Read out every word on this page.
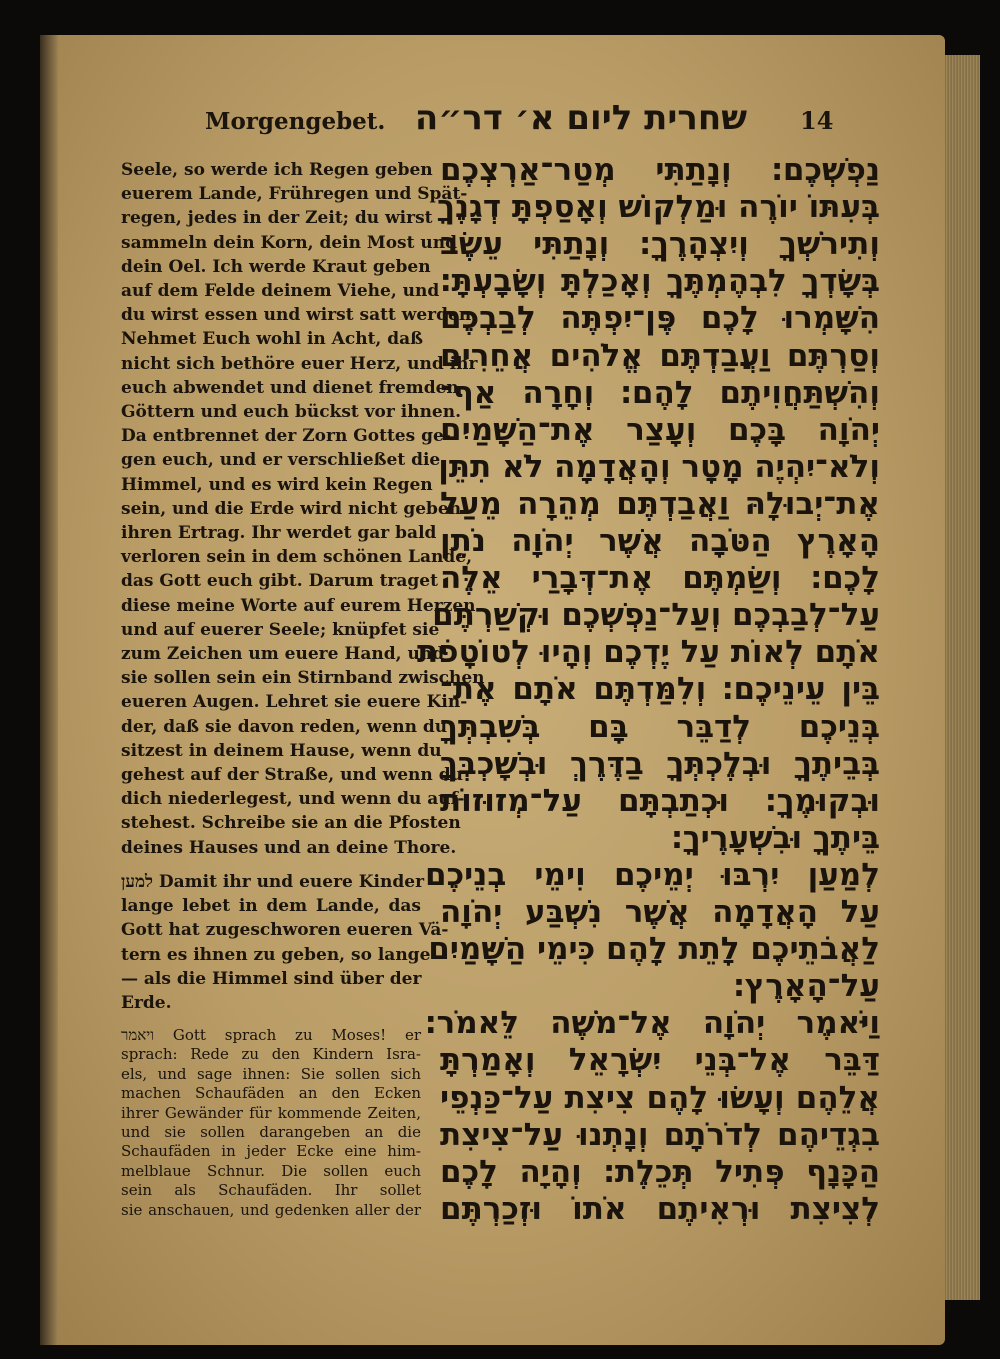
Morgengebet. שחרית ליום א׳ דר״ה 14
Seele, so werde ich Regen geben
euerem Lande, Frühregen und Spät-
regen, jedes in der Zeit; du wirst
sammeln dein Korn, dein Most und
dein Oel. Ich werde Kraut geben
auf dem Felde deinem Viehe, und
du wirst essen und wirst satt werden.
Nehmet Euch wohl in Acht, daß
nicht sich bethöre euer Herz, und ihr
euch abwendet und dienet fremden
Göttern und euch bückst vor ihnen.
Da entbrennet der Zorn Gottes ge-
gen euch, und er verschließet die
Himmel, und es wird kein Regen
sein, und die Erde wird nicht geben
ihren Ertrag. Ihr werdet gar bald
verloren sein in dem schönen Lande,
das Gott euch gibt. Darum traget
diese meine Worte auf eurem Herzen
und auf euerer Seele; knüpfet sie
zum Zeichen um euere Hand, und
sie sollen sein ein Stirnband zwischen
eueren Augen. Lehret sie euere Kin-
der, daß sie davon reden, wenn du
sitzest in deinem Hause, wenn du
gehest auf der Straße, und wenn du
dich niederlegest, und wenn du auf-
stehest. Schreibe sie an die Pfosten
deines Hauses und an deine Thore.
למען Damit ihr und euere Kinder
lange lebet in dem Lande, das
Gott hat zugeschworen eueren Vä-
tern es ihnen zu geben, so lange
— als die Himmel sind über der
Erde.
ויאמר Gott sprach zu Moses! er
sprach: Rede zu den Kindern Isra-
els, und sage ihnen: Sie sollen sich
machen Schaufäden an den Ecken
ihrer Gewänder für kommende Zeiten,
und sie sollen darangeben an die
Schaufäden in jeder Ecke eine him-
melblaue Schnur. Die sollen euch
sein als Schaufäden. Ihr sollet
sie anschauen, und gedenken aller der
נַפְשְׁכֶם׃ וְנָתַתִּי מְטַר־אַרְצְכֶם
בְּעִתּוֹ יוֹרֶה וּמַלְקוֹשׁ וְאָסַפְתָּ דְגָנֶךָ
וְתִירֹשְׁךָ וְיִצְהָרֶךָ׃ וְנָתַתִּי עֵשֶׂב
בְּשָׂדְךָ לִבְהֶמְתֶּךָ וְאָכַלְתָּ וְשָׂבָעְתָּ׃
הִשָּׁמְרוּ לָכֶם פֶּן־יִפְתֶּה לְבַבְכֶם
וְסַרְתֶּם וַעֲבַדְתֶּם אֱלֹהִים אֲחֵרִים
וְהִשְׁתַּחֲוִיתֶם לָהֶם׃ וְחָרָה אַף־
יְהֹוָה בָּכֶם וְעָצַר אֶת־הַשָּׁמַיִם
וְלֹא־יִהְיֶה מָטָר וְהָאֲדָמָה לֹא תִתֵּן
אֶת־יְבוּלָהּ וַאֲבַדְתֶּם מְהֵרָה מֵעַל
הָאָרֶץ הַטֹּבָה אֲשֶׁר יְהֹוָה נֹתֵן
לָכֶם׃ וְשַׂמְתֶּם אֶת־דְּבָרַי אֵלֶּה
עַל־לְבַבְכֶם וְעַל־נַפְשְׁכֶם וּקְשַׁרְתֶּם
אֹתָם לְאוֹת עַל יֶדְכֶם וְהָיוּ לְטוֹטָפֹת
בֵּין עֵינֵיכֶם׃ וְלִמַּדְתֶּם אֹתָם אֶת־
בְּנֵיכֶם לְדַבֵּר בָּם בְּשִׁבְתְּךָ
בְּבֵיתֶךָ וּבְלֶכְתְּךָ בַדֶּרֶךְ וּבְשָׁכְבְּךָ
וּבְקוּמֶךָ׃ וּכְתַבְתָּם עַל־מְזוּזוֹת
בֵּיתֶךָ וּבִשְׁעָרֶיךָ׃
לְמַעַן יִרְבּוּ יְמֵיכֶם וִימֵי בְנֵיכֶם
עַל הָאֲדָמָה אֲשֶׁר נִשְׁבַּע יְהֹוָה
לַאֲבֹתֵיכֶם לָתֵת לָהֶם כִּימֵי הַשָּׁמַיִם
עַל־הָאָרֶץ׃
וַיֹּאמֶר יְהֹוָה אֶל־מֹשֶׁה לֵּאמֹר׃
דַּבֵּר אֶל־בְּנֵי יִשְׂרָאֵל וְאָמַרְתָּ
אֲלֵהֶם וְעָשׂוּ לָהֶם צִיצִת עַל־כַּנְפֵי
בִגְדֵיהֶם לְדֹרֹתָם וְנָתְנוּ עַל־צִיצִת
הַכָּנָף פְּתִיל תְּכֵלֶת׃ וְהָיָה לָכֶם
לְצִיצִת וּרְאִיתֶם אֹתוֹ וּזְכַרְתֶּם
